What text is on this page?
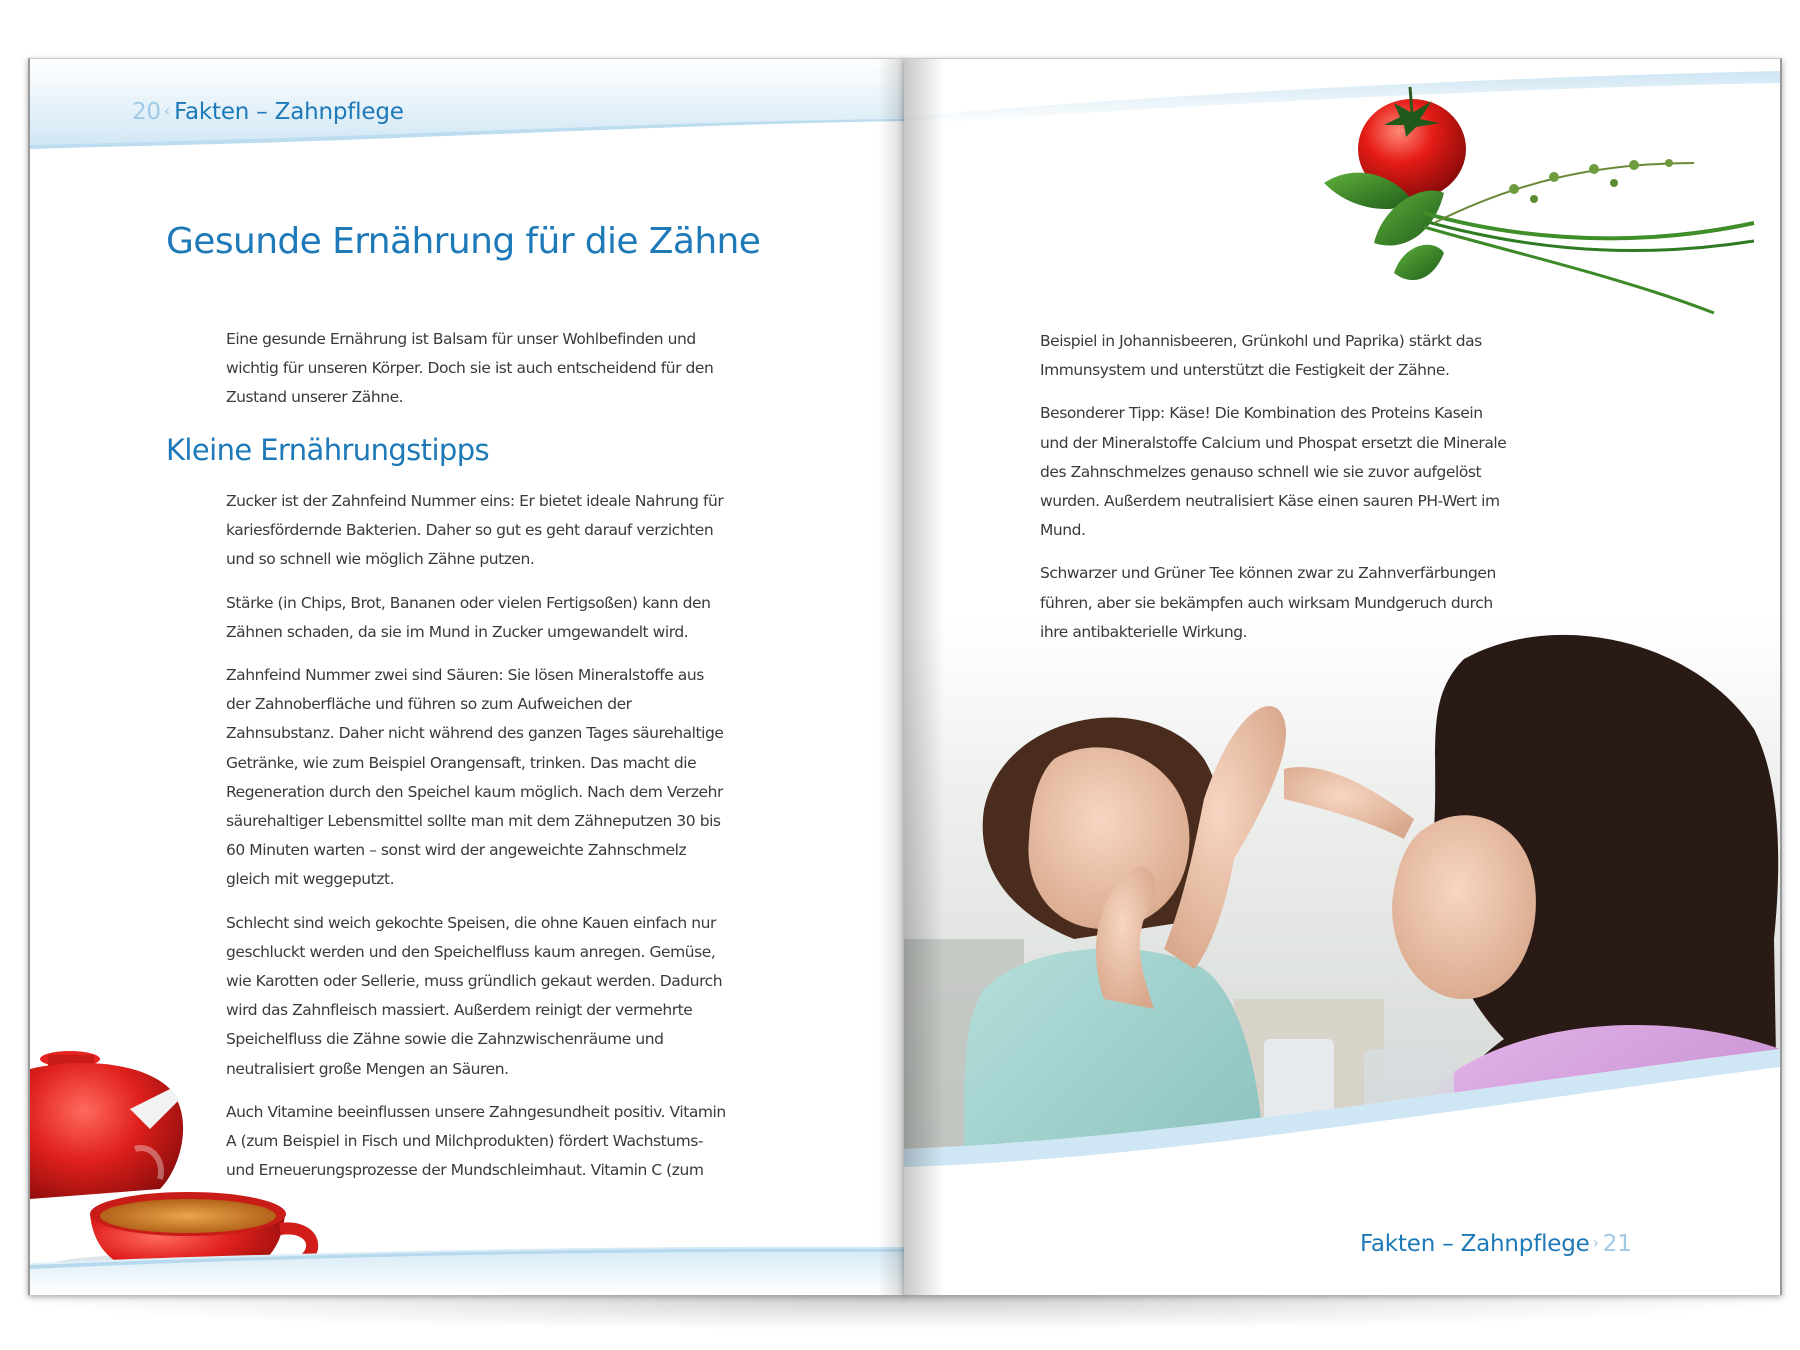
20 ‹ Fakten – Zahnpflege
Gesunde Ernährung für die Zähne

Eine gesunde Ernährung ist Balsam für unser Wohlbefinden und wichtig für unseren Körper. Doch sie ist auch entscheidend für den Zustand unserer Zähne.

Kleine Ernährungstipps

Zucker ist der Zahnfeind Nummer eins: Er bietet ideale Nahrung für kariesfördernde Bakterien. Daher so gut es geht darauf verzichten und so schnell wie möglich Zähne putzen.

Stärke (in Chips, Brot, Bananen oder vielen Fertigsoßen) kann den Zähnen schaden, da sie im Mund in Zucker umgewandelt wird.

Zahnfeind Nummer zwei sind Säuren: Sie lösen Mineralstoffe aus der Zahnoberfläche und führen so zum Aufweichen der Zahnsubstanz. Daher nicht während des ganzen Tages säurehaltige Getränke, wie zum Beispiel Orangensaft, trinken. Das macht die Regeneration durch den Speichel kaum möglich. Nach dem Verzehr säurehaltiger Lebensmittel sollte man mit dem Zähneputzen 30 bis 60 Minuten warten – sonst wird der angeweichte Zahnschmelz gleich mit weggeputzt.

Schlecht sind weich gekochte Speisen, die ohne Kauen einfach nur geschluckt werden und den Speichelfluss kaum anregen. Gemüse, wie Karotten oder Sellerie, muss gründlich gekaut werden. Dadurch wird das Zahnfleisch massiert. Außerdem reinigt der vermehrte Speichelfluss die Zähne sowie die Zahnzwischenräume und neutralisiert große Mengen an Säuren.

Auch Vitamine beeinflussen unsere Zahngesundheit positiv. Vitamin A (zum Beispiel in Fisch und Milchprodukten) fördert Wachstums- und Erneuerungsprozesse der Mundschleimhaut. Vitamin C (zum

Beispiel in Johannisbeeren, Grünkohl und Paprika) stärkt das Immunsystem und unterstützt die Festigkeit der Zähne.

Besonderer Tipp: Käse! Die Kombination des Proteins Kasein und der Mineralstoffe Calcium und Phospat ersetzt die Minerale des Zahnschmelzes genauso schnell wie sie zuvor aufgelöst wurden. Außerdem neutralisiert Käse einen sauren PH-Wert im Mund.

Schwarzer und Grüner Tee können zwar zu Zahnverfärbungen führen, aber sie bekämpfen auch wirksam Mundgeruch durch ihre antibakterielle Wirkung.

Fakten – Zahnpflege › 21
